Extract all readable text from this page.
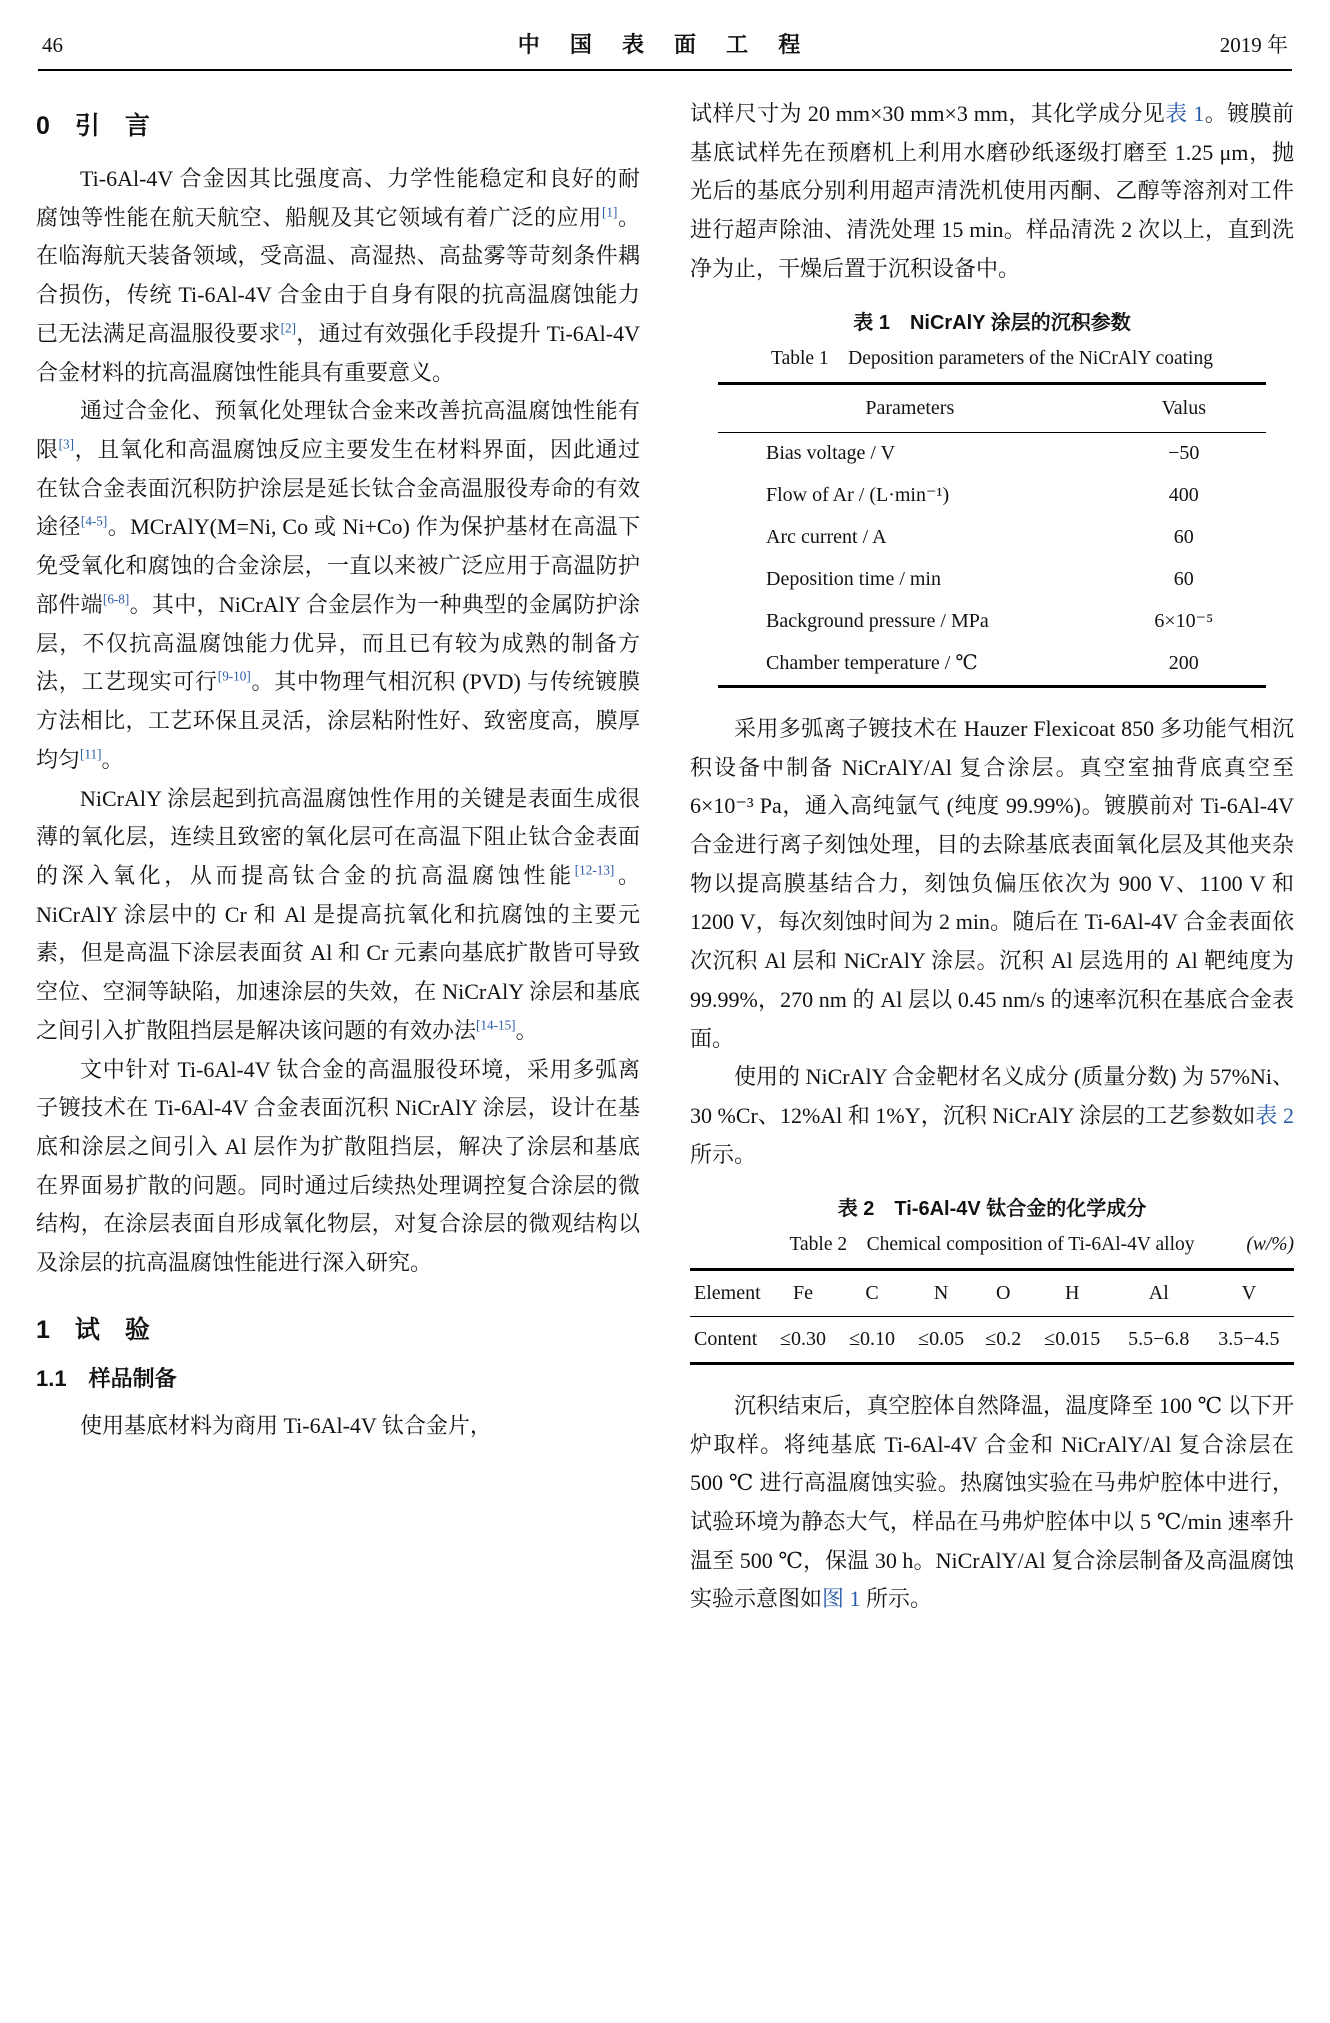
46	中 国 表 面 工 程	2019 年
0　引　言

Ti-6Al-4V 合金因其比强度高、力学性能稳定和良好的耐腐蚀等性能在航天航空、船舰及其它领域有着广泛的应用[1]。在临海航天装备领域，受高温、高湿热、高盐雾等苛刻条件耦合损伤，传统 Ti-6Al-4V 合金由于自身有限的抗高温腐蚀能力已无法满足高温服役要求[2]，通过有效强化手段提升 Ti-6Al-4V 合金材料的抗高温腐蚀性能具有重要意义。

通过合金化、预氧化处理钛合金来改善抗高温腐蚀性能有限[3]，且氧化和高温腐蚀反应主要发生在材料界面，因此通过在钛合金表面沉积防护涂层是延长钛合金高温服役寿命的有效途径[4-5]。MCrAlY(M=Ni, Co 或 Ni+Co) 作为保护基材在高温下免受氧化和腐蚀的合金涂层，一直以来被广泛应用于高温防护部件端[6-8]。其中，NiCrAlY 合金层作为一种典型的金属防护涂层，不仅抗高温腐蚀能力优异，而且已有较为成熟的制备方法，工艺现实可行[9-10]。其中物理气相沉积 (PVD) 与传统镀膜方法相比，工艺环保且灵活，涂层粘附性好、致密度高，膜厚均匀[11]。

NiCrAlY 涂层起到抗高温腐蚀性作用的关键是表面生成很薄的氧化层，连续且致密的氧化层可在高温下阻止钛合金表面的深入氧化，从而提高钛合金的抗高温腐蚀性能[12-13]。NiCrAlY 涂层中的 Cr 和 Al 是提高抗氧化和抗腐蚀的主要元素，但是高温下涂层表面贫 Al 和 Cr 元素向基底扩散皆可导致空位、空洞等缺陷，加速涂层的失效，在 NiCrAlY 涂层和基底之间引入扩散阻挡层是解决该问题的有效办法[14-15]。

文中针对 Ti-6Al-4V 钛合金的高温服役环境，采用多弧离子镀技术在 Ti-6Al-4V 合金表面沉积 NiCrAlY 涂层，设计在基底和涂层之间引入 Al 层作为扩散阻挡层，解决了涂层和基底在界面易扩散的问题。同时通过后续热处理调控复合涂层的微结构，在涂层表面自形成氧化物层，对复合涂层的微观结构以及涂层的抗高温腐蚀性能进行深入研究。

1　试　验
1.1　样品制备

使用基底材料为商用 Ti-6Al-4V 钛合金片，

试样尺寸为 20 mm×30 mm×3 mm，其化学成分见表 1。镀膜前基底试样先在预磨机上利用水磨砂纸逐级打磨至 1.25 μm，抛光后的基底分别利用超声清洗机使用丙酮、乙醇等溶剂对工件进行超声除油、清洗处理 15 min。样品清洗 2 次以上，直到洗净为止，干燥后置于沉积设备中。

表 1　NiCrAlY 涂层的沉积参数
Table 1　Deposition parameters of the NiCrAlY coating
Parameters	Valus
Bias voltage / V	−50
Flow of Ar / (L·min⁻¹)	400
Arc current / A	60
Deposition time / min	60
Background pressure / MPa	6×10⁻⁵
Chamber temperature / ℃	200

采用多弧离子镀技术在 Hauzer Flexicoat 850 多功能气相沉积设备中制备 NiCrAlY/Al 复合涂层。真空室抽背底真空至 6×10⁻³ Pa，通入高纯氩气 (纯度 99.99%)。镀膜前对 Ti-6Al-4V 合金进行离子刻蚀处理，目的去除基底表面氧化层及其他夹杂物以提高膜基结合力，刻蚀负偏压依次为 900 V、1100 V 和 1200 V，每次刻蚀时间为 2 min。随后在 Ti-6Al-4V 合金表面依次沉积 Al 层和 NiCrAlY 涂层。沉积 Al 层选用的 Al 靶纯度为 99.99%，270 nm 的 Al 层以 0.45 nm/s 的速率沉积在基底合金表面。

使用的 NiCrAlY 合金靶材名义成分 (质量分数) 为 57%Ni、30 %Cr、12%Al 和 1%Y，沉积 NiCrAlY 涂层的工艺参数如表 2 所示。

表 2　Ti-6Al-4V 钛合金的化学成分
Table 2　Chemical composition of Ti-6Al-4V alloy	(w/%)
Element	Fe	C	N	O	H	Al	V
Content	≤0.30	≤0.10	≤0.05	≤0.2	≤0.015	5.5−6.8	3.5−4.5

沉积结束后，真空腔体自然降温，温度降至 100 ℃ 以下开炉取样。将纯基底 Ti-6Al-4V 合金和 NiCrAlY/Al 复合涂层在 500 ℃ 进行高温腐蚀实验。热腐蚀实验在马弗炉腔体中进行，试验环境为静态大气，样品在马弗炉腔体中以 5 ℃/min 速率升温至 500 ℃，保温 30 h。NiCrAlY/Al 复合涂层制备及高温腐蚀实验示意图如图 1 所示。
